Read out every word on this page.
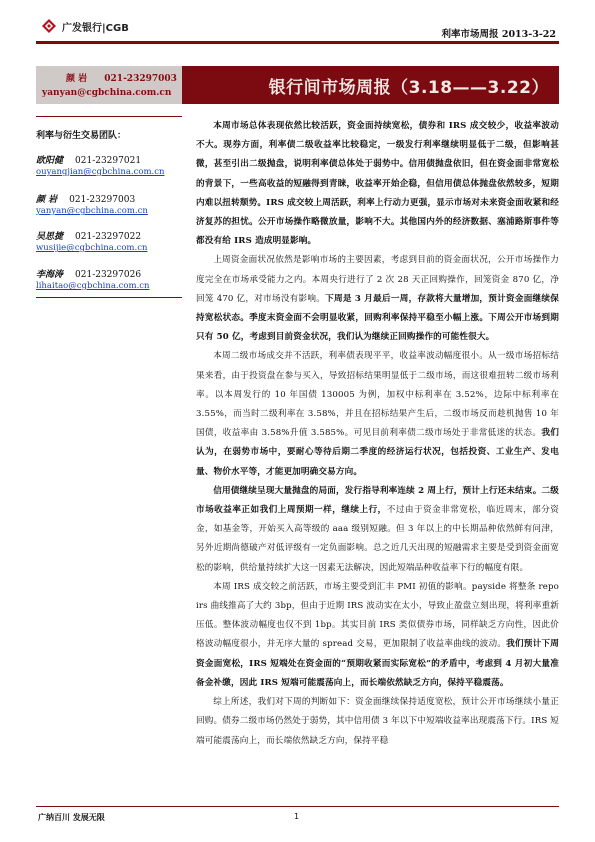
广发银行|CGB
利率市场周报 2013-3-22
颜 岩 021-23297003
yanyan@cgbchina.com.cn	银行间市场周报（3.18——3.22）
利率与衍生交易团队：
欧阳健 021-23297021
ouyangjian@cgbchina.com.cn
颜 岩 021-23297003
yanyan@cgbchina.com.cn
吴思捷 021-23297022
wusijie@cgbchina.com.cn
李海涛 021-23297026
lihaitao@cgbchina.com.cn

本周市场总体表现依然比较活跃，资金面持续宽松，债券和 IRS 成交较少，收益率波动不大。现券方面，利率债二级收益率比较稳定，一级发行利率继续明显低于二级，但影响甚微，甚至引出二级抛盘，说明利率债总体处于弱势中。信用债抛盘依旧，但在资金面非常宽松的背景下，一些高收益的短融得到青睐，收益率开始企稳，但信用债总体抛盘依然较多，短期内难以扭转颓势。IRS 成交较上周活跃，利率上行动力更强，显示市场对未来资金面收紧和经济复苏的担忧。公开市场操作略微放量，影响不大。其他国内外的经济数据、塞浦路斯事件等都没有给 IRS 造成明显影响。

上周资金面状况依然是影响市场的主要因素，考虑到目前的资金面状况，公开市场操作力度完全在市场承受能力之内。本周央行进行了 2 次 28 天正回购操作，回笼资金 870 亿，净回笼 470 亿，对市场没有影响。下周是 3 月最后一周，存款将大量增加，预计资金面继续保持宽松状态。季度末资金面不会明显收紧，回购利率保持平稳至小幅上涨。下周公开市场到期只有 50 亿，考虑到目前资金状况，我们认为继续正回购操作的可能性很大。

本周二级市场成交并不活跃，利率债表现平平，收益率波动幅度很小。从一级市场招标结果来看，由于投资盘在参与买入，导致招标结果明显低于二级市场，而这很难扭转二级市场利率。以本周发行的 10 年国债 130005 为例，加权中标利率在 3.52%，边际中标利率在 3.55%，而当时二级利率在 3.58%，并且在招标结果产生后，二级市场反而趁机抛售 10 年国债，收益率由 3.58%升值 3.585%。可见目前利率债二级市场处于非常低迷的状态。我们认为，在弱势市场中，要耐心等待后期二季度的经济运行状况，包括投资、工业生产、发电量、物价水平等，才能更加明确交易方向。

信用债继续呈现大量抛盘的局面，发行指导利率连续 2 周上行，预计上行还未结束。二级市场收益率正如我们上周预期一样，继续上行，不过由于资金非常宽松，临近周末，部分资金，如基金等，开始买入高等级的 aaa 级别短融。但 3 年以上的中长期品种依然鲜有问津，另外近期尚德破产对低评级有一定负面影响。总之近几天出现的短融需求主要是受到资金面宽松的影响，供给量持续扩大这一因素无法解决，因此短端品种收益率下行的幅度有限。

本周 IRS 成交较之前活跃，市场主要受到汇丰 PMI 初值的影响。payside 将整条 repo irs 曲线推高了大约 3bp，但由于近期 IRS 波动实在太小，导致止盈盘立刻出现，将利率重新压低。整体波动幅度也仅不到 1bp。其实目前 IRS 类似债券市场，同样缺乏方向性，因此价格波动幅度很小，并无序大量的 spread 交易，更加限制了收益率曲线的波动。我们预计下周资金面宽松，IRS 短端处在资金面的“预期收紧而实际宽松”的矛盾中，考虑到 4 月初大量准备金补缴，因此 IRS 短端可能震荡向上，而长端依然缺乏方向，保持平稳震荡。

综上所述，我们对下周的判断如下：资金面继续保持适度宽松，预计公开市场继续小量正回购。债券二级市场仍然处于弱势，其中信用债 3 年以下中短端收益率出现震荡下行。IRS 短端可能震荡向上，而长端依然缺乏方向，保持平稳

广纳百川 发展无限	1
